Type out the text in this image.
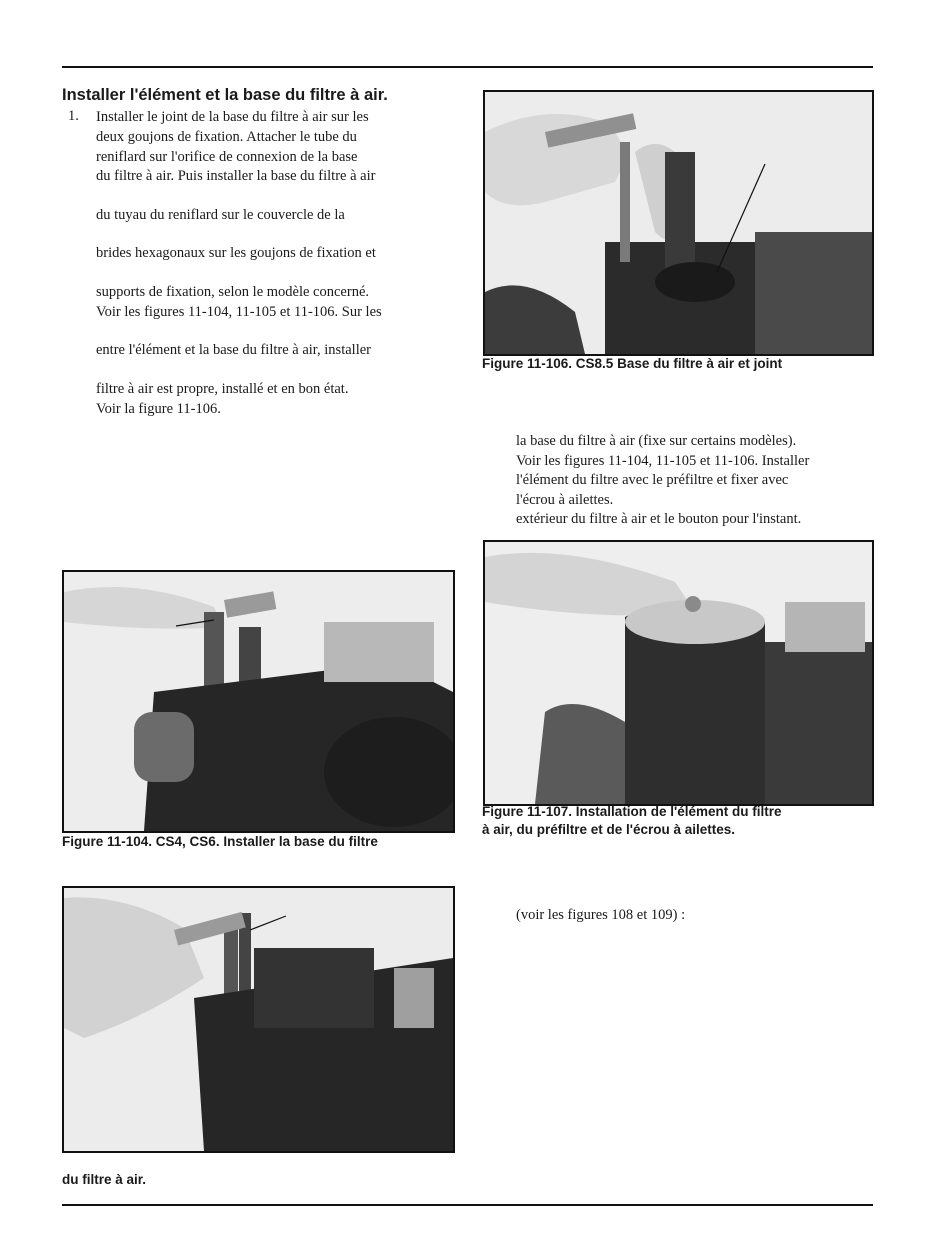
Installer l'élément et la base du filtre à air.
1. Installer le joint de la base du filtre à air sur les

deux goujons de fixation. Attacher le tube du

reniflard sur l'orifice de connexion de la base

du filtre à air. Puis installer la base du filtre à air

du tuyau du reniflard sur le couvercle de la

brides hexagonaux sur les goujons de fixation et

supports de fixation, selon le modèle concerné.

Voir les figures 11-104, 11-105 et 11-106. Sur les

entre l'élément et la base du filtre à air, installer

filtre à air est propre, installé et en bon état.

Voir la figure 11-106.

Figure 11-106. CS8.5 Base du filtre à air et joint

la base du filtre à air (fixe sur certains modèles).

Voir les figures 11-104, 11-105 et 11-106. Installer

l'élément du filtre avec le préfiltre et fixer avec

l'écrou à ailettes.

extérieur du filtre à air et le bouton pour l'instant.

Figure 11-104. CS4, CS6. Installer la base du filtre

Figure 11-107. Installation de l'élément du filtre

à air, du préfiltre et de l'écrou à ailettes.

(voir les figures 108 et 109) :

du filtre à air.
